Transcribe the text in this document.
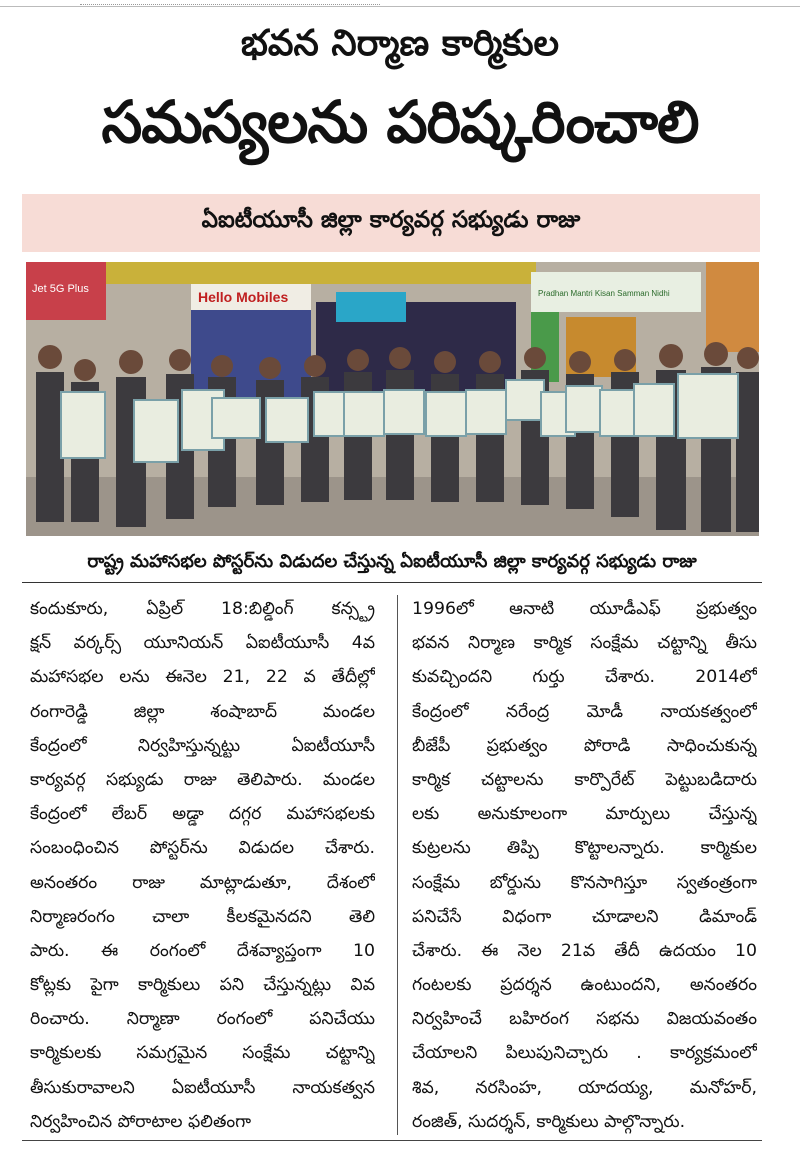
భవన నిర్మాణ కార్మికుల
సమస్యలను పరిష్కరించాలి
ఏఐటీయూసీ జిల్లా కార్యవర్గ సభ్యుడు రాజు
Jet 5G Plus	Hello Mobiles	Pradhan Mantri Kisan Samman Nidhi
రాష్ట్ర మహాసభల పోస్టర్‌ను విడుదల చేస్తున్న ఏఐటీయూసీ జిల్లా కార్యవర్గ సభ్యుడు రాజు
కందుకూరు, ఏప్రిల్ 18:బిల్డింగ్ కన్స్ట్ర
క్షన్ వర్కర్స్ యూనియన్ ఏఐటీయూసీ 4వ
మహాసభల లను ఈనెల 21, 22 వ తేదీల్లో
రంగారెడ్డి జిల్లా శంషాబాద్ మండల
కేంద్రంలో నిర్వహిస్తున్నట్టు ఏఐటీయూసీ
కార్యవర్గ సభ్యుడు రాజు తెలిపారు. మండల
కేంద్రంలో లేబర్ అడ్డా దగ్గర మహాసభలకు
సంబంధించిన పోస్టర్‌ను విడుదల చేశారు.
అనంతరం రాజు మాట్లాడుతూ, దేశంలో
నిర్మాణరంగం చాలా కీలకమైనదని తెలి
పారు. ఈ రంగంలో దేశవ్యాప్తంగా 10
కోట్లకు పైగా కార్మికులు పని చేస్తున్నట్లు వివ
రించారు. నిర్మాణా రంగంలో పనిచేయు
కార్మికులకు సమగ్రమైన సంక్షేమ చట్టాన్ని
తీసుకురావాలని ఏఐటీయూసీ నాయకత్వన
నిర్వహించిన పోరాటాల ఫలితంగా
1996లో ఆనాటి యూడీఎఫ్ ప్రభుత్వం
భవన నిర్మాణ కార్మిక సంక్షేమ చట్టాన్ని తీసు
కువచ్చిందని గుర్తు చేశారు. 2014లో
కేంద్రంలో నరేంద్ర మోడీ నాయకత్వంలో
బీజేపీ ప్రభుత్వం పోరాడి సాధించుకున్న
కార్మిక చట్టాలను కార్పొరేట్ పెట్టుబడిదారు
లకు అనుకూలంగా మార్పులు చేస్తున్న
కుట్రలను తిప్పి కొట్టాలన్నారు. కార్మికుల
సంక్షేమ బోర్డును కొనసాగిస్తూ స్వతంత్రంగా
పనిచేసే విధంగా చూడాలని డిమాండ్
చేశారు. ఈ నెల 21వ తేదీ ఉదయం 10
గంటలకు ప్రదర్శన ఉంటుందని, అనంతరం
నిర్వహించే బహిరంగ సభను విజయవంతం
చేయాలని పిలుపునిచ్చారు . కార్యక్రమంలో
శివ, నరసింహ, యాదయ్య, మనోహర్,
రంజిత్, సుదర్శన్, కార్మికులు పాల్గొన్నారు.
